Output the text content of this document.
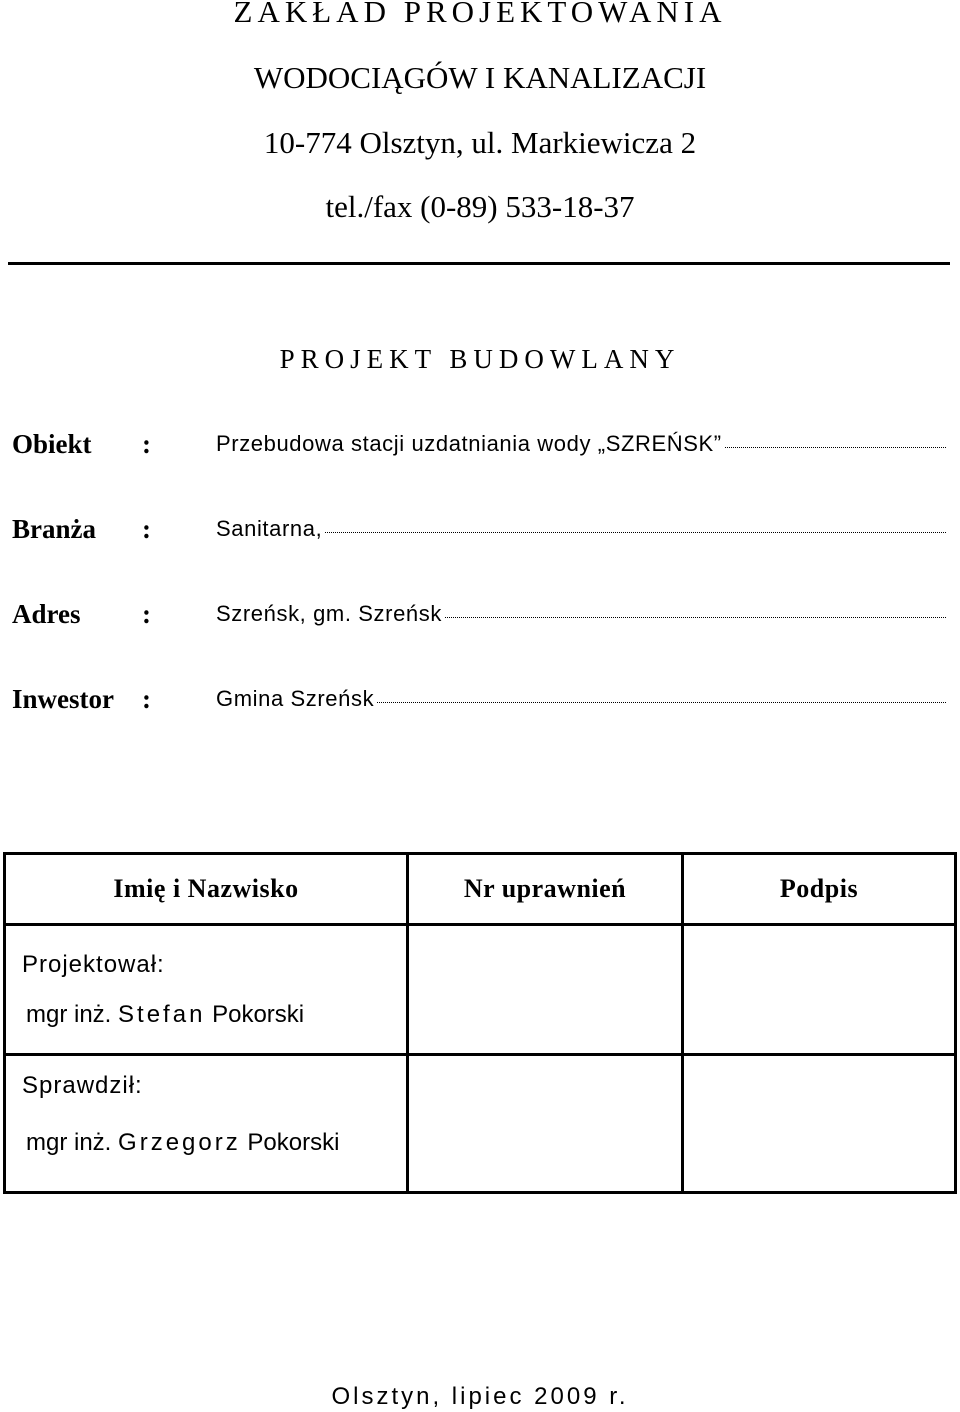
ZAKŁAD PROJEKTOWANIA
WODOCIĄGÓW I KANALIZACJI
10-774 Olsztyn, ul. Markiewicza 2
tel./fax (0-89) 533-18-37
PROJEKT BUDOWLANY
Obiekt :	Przebudowa stacji uzdatniania wody „SZREŃSK”
Branża :	Sanitarna,
Adres :	Szreńsk, gm. Szreńsk
Inwestor :	Gmina Szreńsk
Imię i Nazwisko	Nr uprawnień	Podpis
Projektował:
mgr inż. Stefan Pokorski
Sprawdził:
mgr inż. Grzegorz Pokorski
Olsztyn, lipiec 2009 r.
